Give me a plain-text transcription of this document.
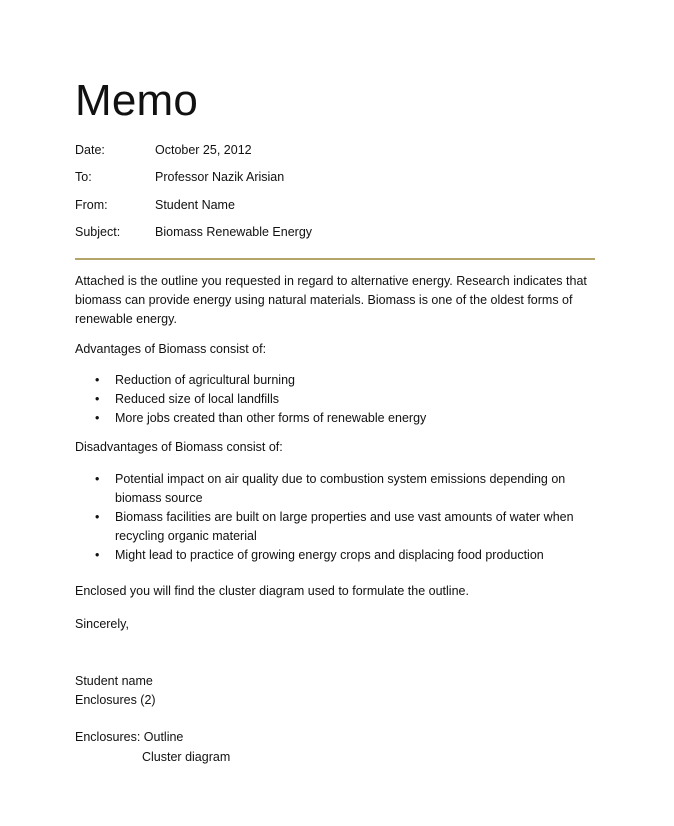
Memo
Date:	October 25, 2012
To:	Professor Nazik Arisian
From:	Student Name
Subject:	Biomass Renewable Energy

Attached is the outline you requested in regard to alternative energy. Research indicates that biomass can provide energy using natural materials. Biomass is one of the oldest forms of renewable energy.

Advantages of Biomass consist of:

• Reduction of agricultural burning
• Reduced size of local landfills
• More jobs created than other forms of renewable energy

Disadvantages of Biomass consist of:

• Potential impact on air quality due to combustion system emissions depending on biomass source
• Biomass facilities are built on large properties and use vast amounts of water when recycling organic material
• Might lead to practice of growing energy crops and displacing food production

Enclosed you will find the cluster diagram used to formulate the outline.

Sincerely,

Student name
Enclosures (2)
Enclosures: Outline
Cluster diagram
